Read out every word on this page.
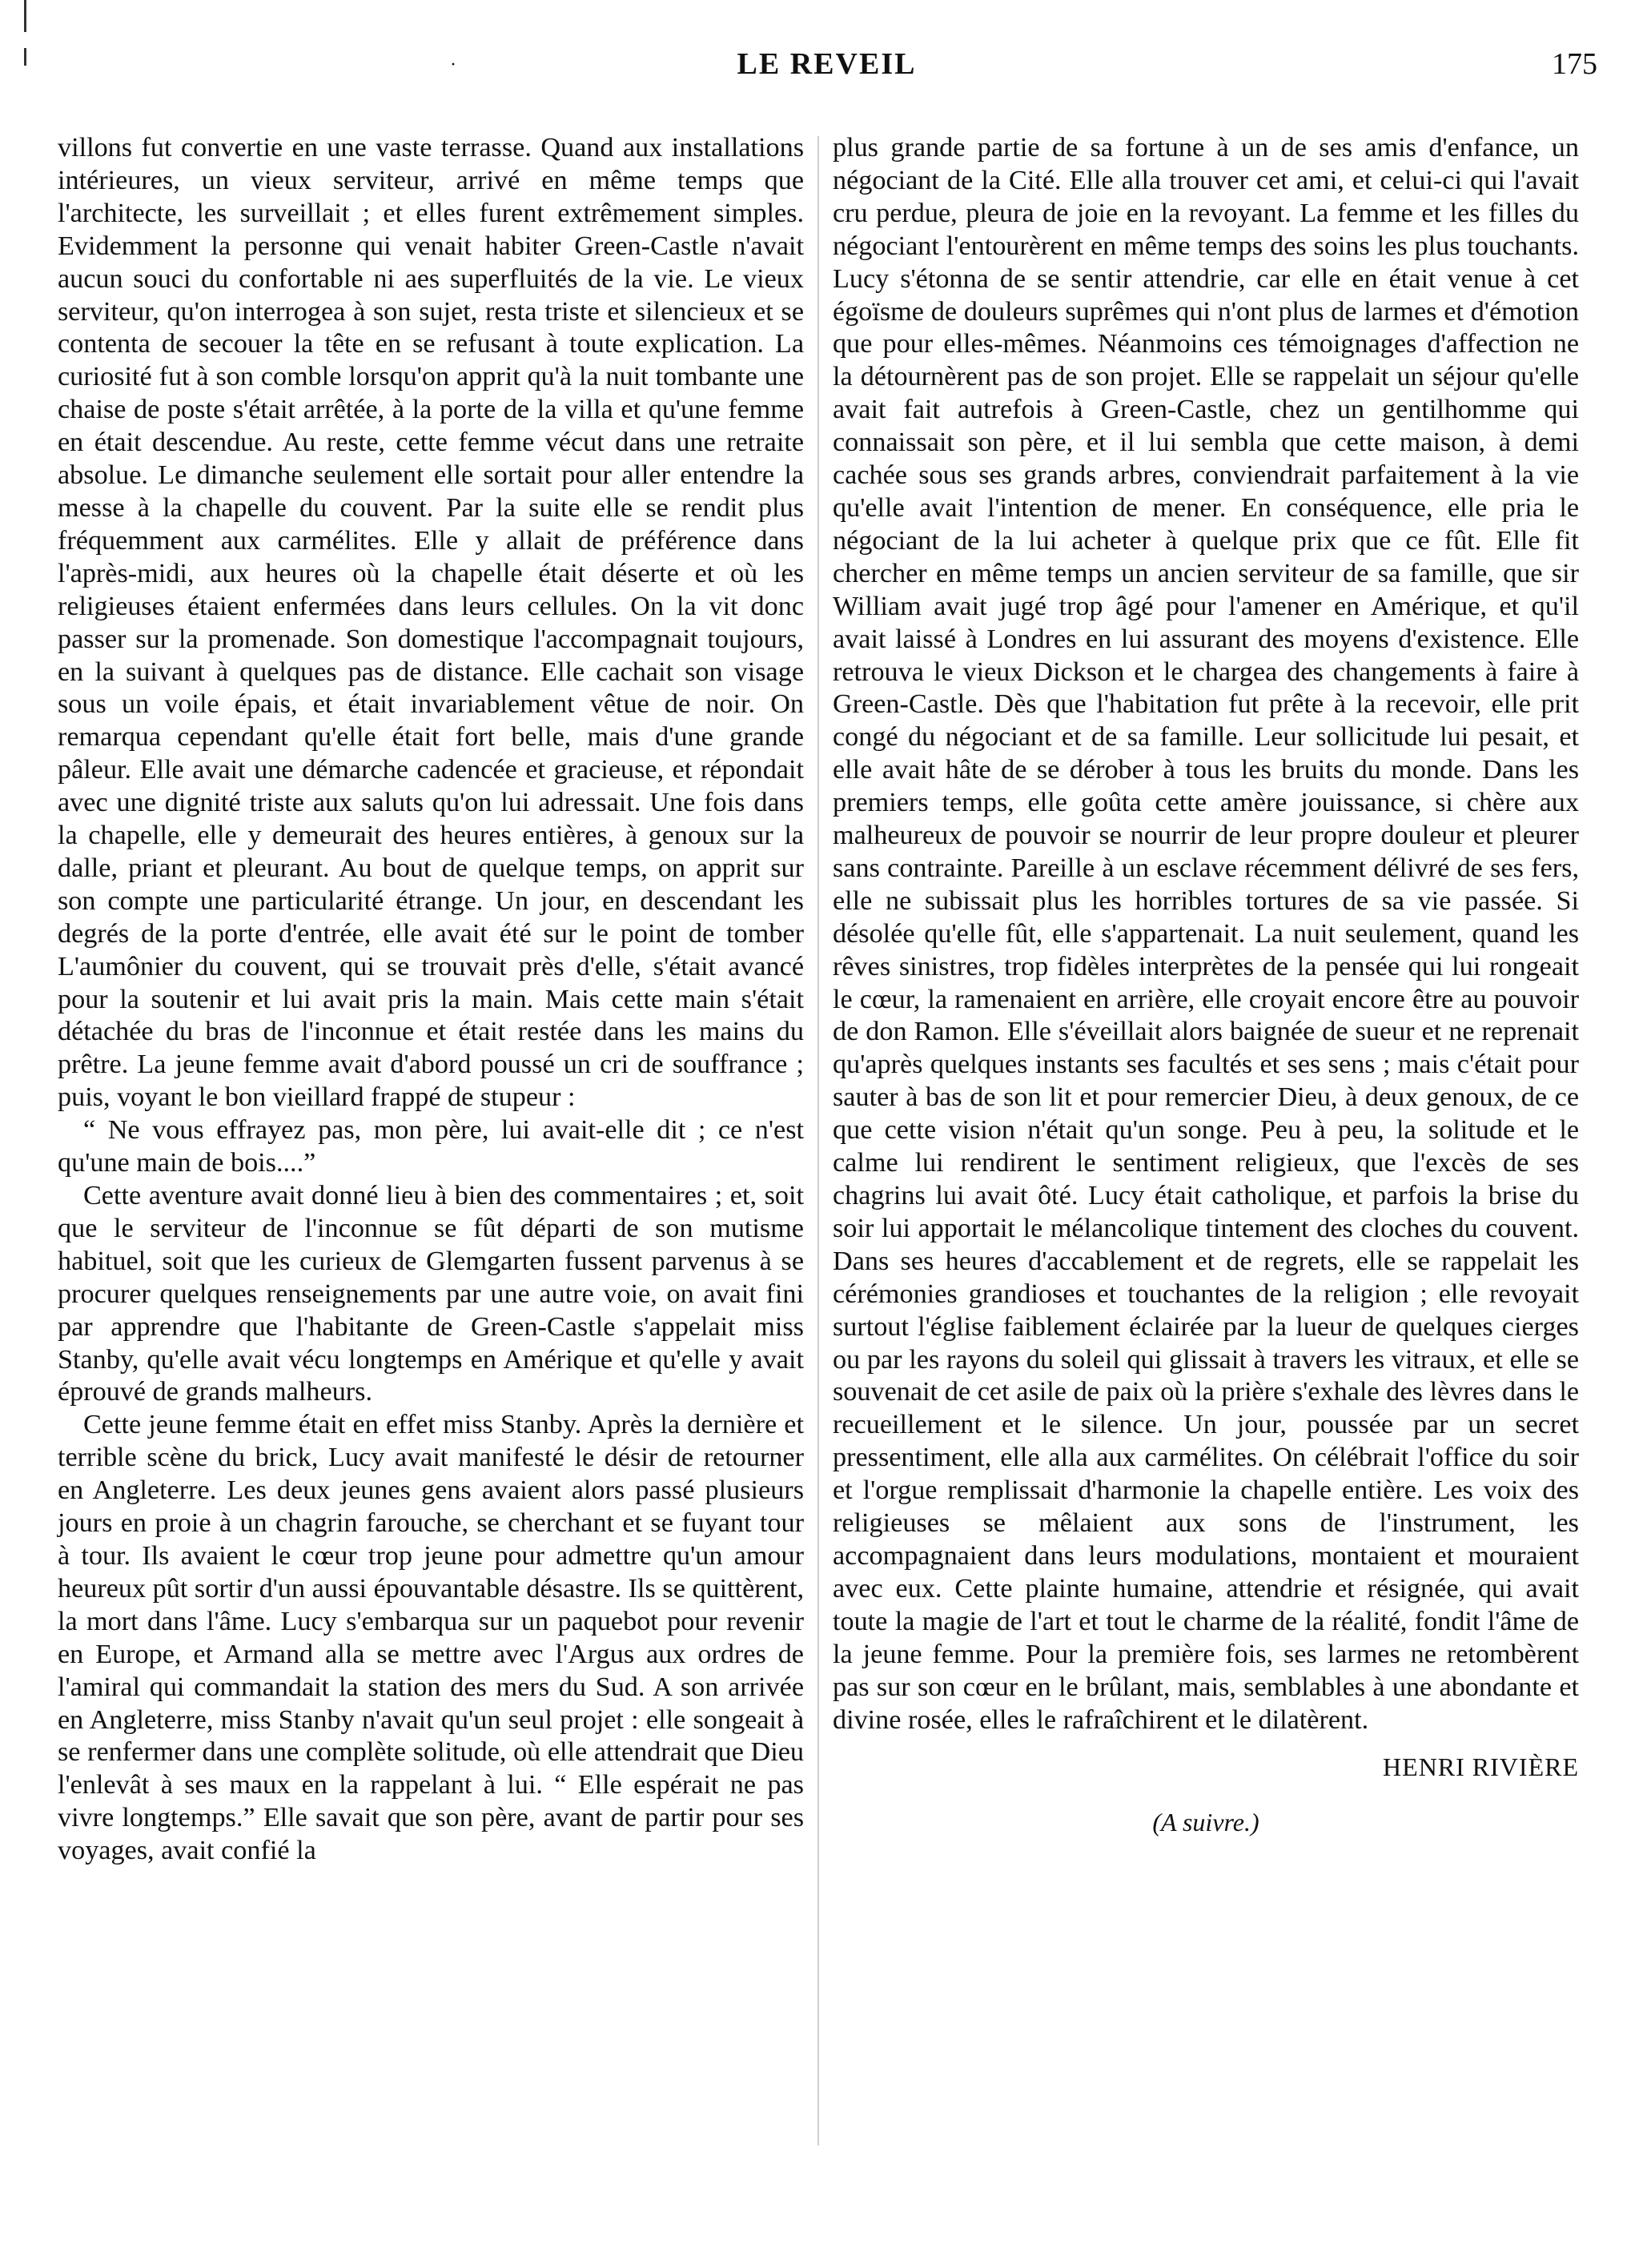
·	LE REVEIL	175

villons fut convertie en une vaste terrasse. Quand aux installations intérieures, un vieux serviteur, arrivé en même temps que l'architecte, les surveillait ; et elles furent extrêmement simples. Evidemment la personne qui venait habiter Green-Castle n'avait aucun souci du confortable ni aes superfluités de la vie. Le vieux serviteur, qu'on interrogea à son sujet, resta triste et silencieux et se contenta de secouer la tête en se refusant à toute explication. La curiosité fut à son comble lorsqu'on apprit qu'à la nuit tombante une chaise de poste s'était arrêtée, à la porte de la villa et qu'une femme en était descendue. Au reste, cette femme vécut dans une retraite absolue. Le dimanche seulement elle sortait pour aller entendre la messe à la chapelle du couvent. Par la suite elle se rendit plus fréquemment aux carmélites. Elle y allait de préférence dans l'après-midi, aux heures où la chapelle était déserte et où les religieuses étaient enfermées dans leurs cellules. On la vit donc passer sur la promenade. Son domestique l'accompagnait toujours, en la suivant à quelques pas de distance. Elle cachait son visage sous un voile épais, et était invariablement vêtue de noir. On remarqua cependant qu'elle était fort belle, mais d'une grande pâleur. Elle avait une démarche cadencée et gracieuse, et répondait avec une dignité triste aux saluts qu'on lui adressait. Une fois dans la chapelle, elle y demeurait des heures entières, à genoux sur la dalle, priant et pleurant. Au bout de quelque temps, on apprit sur son compte une particularité étrange. Un jour, en descendant les degrés de la porte d'entrée, elle avait été sur le point de tomber L'aumônier du couvent, qui se trouvait près d'elle, s'était avancé pour la soutenir et lui avait pris la main. Mais cette main s'était détachée du bras de l'inconnue et était restée dans les mains du prêtre. La jeune femme avait d'abord poussé un cri de souffrance ; puis, voyant le bon vieillard frappé de stupeur :

“ Ne vous effrayez pas, mon père, lui avait-elle dit ; ce n'est qu'une main de bois....”

Cette aventure avait donné lieu à bien des commentaires ; et, soit que le serviteur de l'inconnue se fût départi de son mutisme habituel, soit que les curieux de Glemgarten fussent parvenus à se procurer quelques renseignements par une autre voie, on avait fini par apprendre que l'habitante de Green-Castle s'appelait miss Stanby, qu'elle avait vécu longtemps en Amérique et qu'elle y avait éprouvé de grands malheurs.

Cette jeune femme était en effet miss Stanby. Après la dernière et terrible scène du brick, Lucy avait manifesté le désir de retourner en Angleterre. Les deux jeunes gens avaient alors passé plusieurs jours en proie à un chagrin farouche, se cherchant et se fuyant tour à tour. Ils avaient le cœur trop jeune pour admettre qu'un amour heureux pût sortir d'un aussi épouvantable désastre. Ils se quittèrent, la mort dans l'âme. Lucy s'embarqua sur un paquebot pour revenir en Europe, et Armand alla se mettre avec l'Argus aux ordres de l'amiral qui commandait la station des mers du Sud. A son arrivée en Angleterre, miss Stanby n'avait qu'un seul projet : elle songeait à se renfermer dans une complète solitude, où elle attendrait que Dieu l'enlevât à ses maux en la rappelant à lui. “ Elle espérait ne pas vivre longtemps.” Elle savait que son père, avant de partir pour ses voyages, avait confié la

plus grande partie de sa fortune à un de ses amis d'enfance, un négociant de la Cité. Elle alla trouver cet ami, et celui-ci qui l'avait cru perdue, pleura de joie en la revoyant. La femme et les filles du négociant l'entourèrent en même temps des soins les plus touchants. Lucy s'étonna de se sentir attendrie, car elle en était venue à cet égoïsme de douleurs suprêmes qui n'ont plus de larmes et d'émotion que pour elles-mêmes. Néanmoins ces témoignages d'affection ne la détournèrent pas de son projet. Elle se rappelait un séjour qu'elle avait fait autrefois à Green-Castle, chez un gentilhomme qui connaissait son père, et il lui sembla que cette maison, à demi cachée sous ses grands arbres, conviendrait parfaitement à la vie qu'elle avait l'intention de mener. En conséquence, elle pria le négociant de la lui acheter à quelque prix que ce fût. Elle fit chercher en même temps un ancien serviteur de sa famille, que sir William avait jugé trop âgé pour l'amener en Amérique, et qu'il avait laissé à Londres en lui assurant des moyens d'existence. Elle retrouva le vieux Dickson et le chargea des changements à faire à Green-Castle. Dès que l'habitation fut prête à la recevoir, elle prit congé du négociant et de sa famille. Leur sollicitude lui pesait, et elle avait hâte de se dérober à tous les bruits du monde. Dans les premiers temps, elle goûta cette amère jouissance, si chère aux malheureux de pouvoir se nourrir de leur propre douleur et pleurer sans contrainte. Pareille à un esclave récemment délivré de ses fers, elle ne subissait plus les horribles tortures de sa vie passée. Si désolée qu'elle fût, elle s'appartenait. La nuit seulement, quand les rêves sinistres, trop fidèles interprètes de la pensée qui lui rongeait le cœur, la ramenaient en arrière, elle croyait encore être au pouvoir de don Ramon. Elle s'éveillait alors baignée de sueur et ne reprenait qu'après quelques instants ses facultés et ses sens ; mais c'était pour sauter à bas de son lit et pour remercier Dieu, à deux genoux, de ce que cette vision n'était qu'un songe. Peu à peu, la solitude et le calme lui rendirent le sentiment religieux, que l'excès de ses chagrins lui avait ôté. Lucy était catholique, et parfois la brise du soir lui apportait le mélancolique tintement des cloches du couvent. Dans ses heures d'accablement et de regrets, elle se rappelait les cérémonies grandioses et touchantes de la religion ; elle revoyait surtout l'église faiblement éclairée par la lueur de quelques cierges ou par les rayons du soleil qui glissait à travers les vitraux, et elle se souvenait de cet asile de paix où la prière s'exhale des lèvres dans le recueillement et le silence. Un jour, poussée par un secret pressentiment, elle alla aux carmélites. On célébrait l'office du soir et l'orgue remplissait d'harmonie la chapelle entière. Les voix des religieuses se mêlaient aux sons de l'instrument, les accompagnaient dans leurs modulations, montaient et mouraient avec eux. Cette plainte humaine, attendrie et résignée, qui avait toute la magie de l'art et tout le charme de la réalité, fondit l'âme de la jeune femme. Pour la première fois, ses larmes ne retombèrent pas sur son cœur en le brûlant, mais, semblables à une abondante et divine rosée, elles le rafraîchirent et le dilatèrent.

HENRI RIVIÈRE

(A suivre.)
